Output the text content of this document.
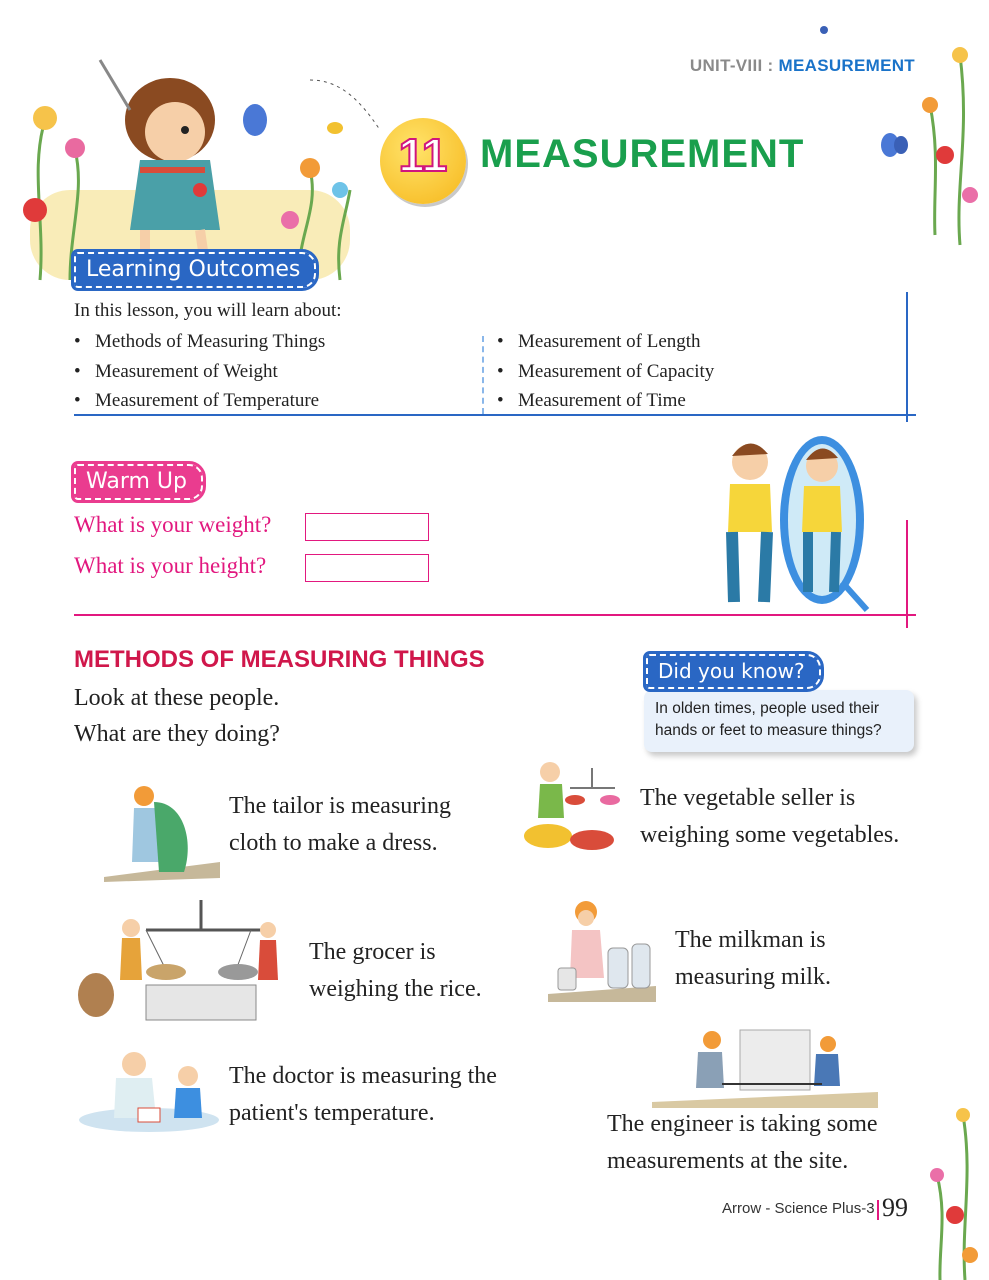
UNIT-VIII : MEASUREMENT
11 MEASUREMENT
Learning Outcomes
In this lesson, you will learn about:
• Methods of Measuring Things
• Measurement of Weight
• Measurement of Temperature
• Measurement of Length
• Measurement of Capacity
• Measurement of Time
Warm Up
What is your weight?
What is your height?
METHODS OF MEASURING THINGS
Look at these people.
What are they doing?
Did you know?
In olden times, people used their
hands or feet to measure things?
The tailor is measuring
cloth to make a dress.
The vegetable seller is
weighing some vegetables.
The grocer is
weighing the rice.
The milkman is
measuring milk.
The doctor is measuring the
patient's temperature.	The engineer is taking some
measurements at the site.
Arrow - Science Plus-3 99
